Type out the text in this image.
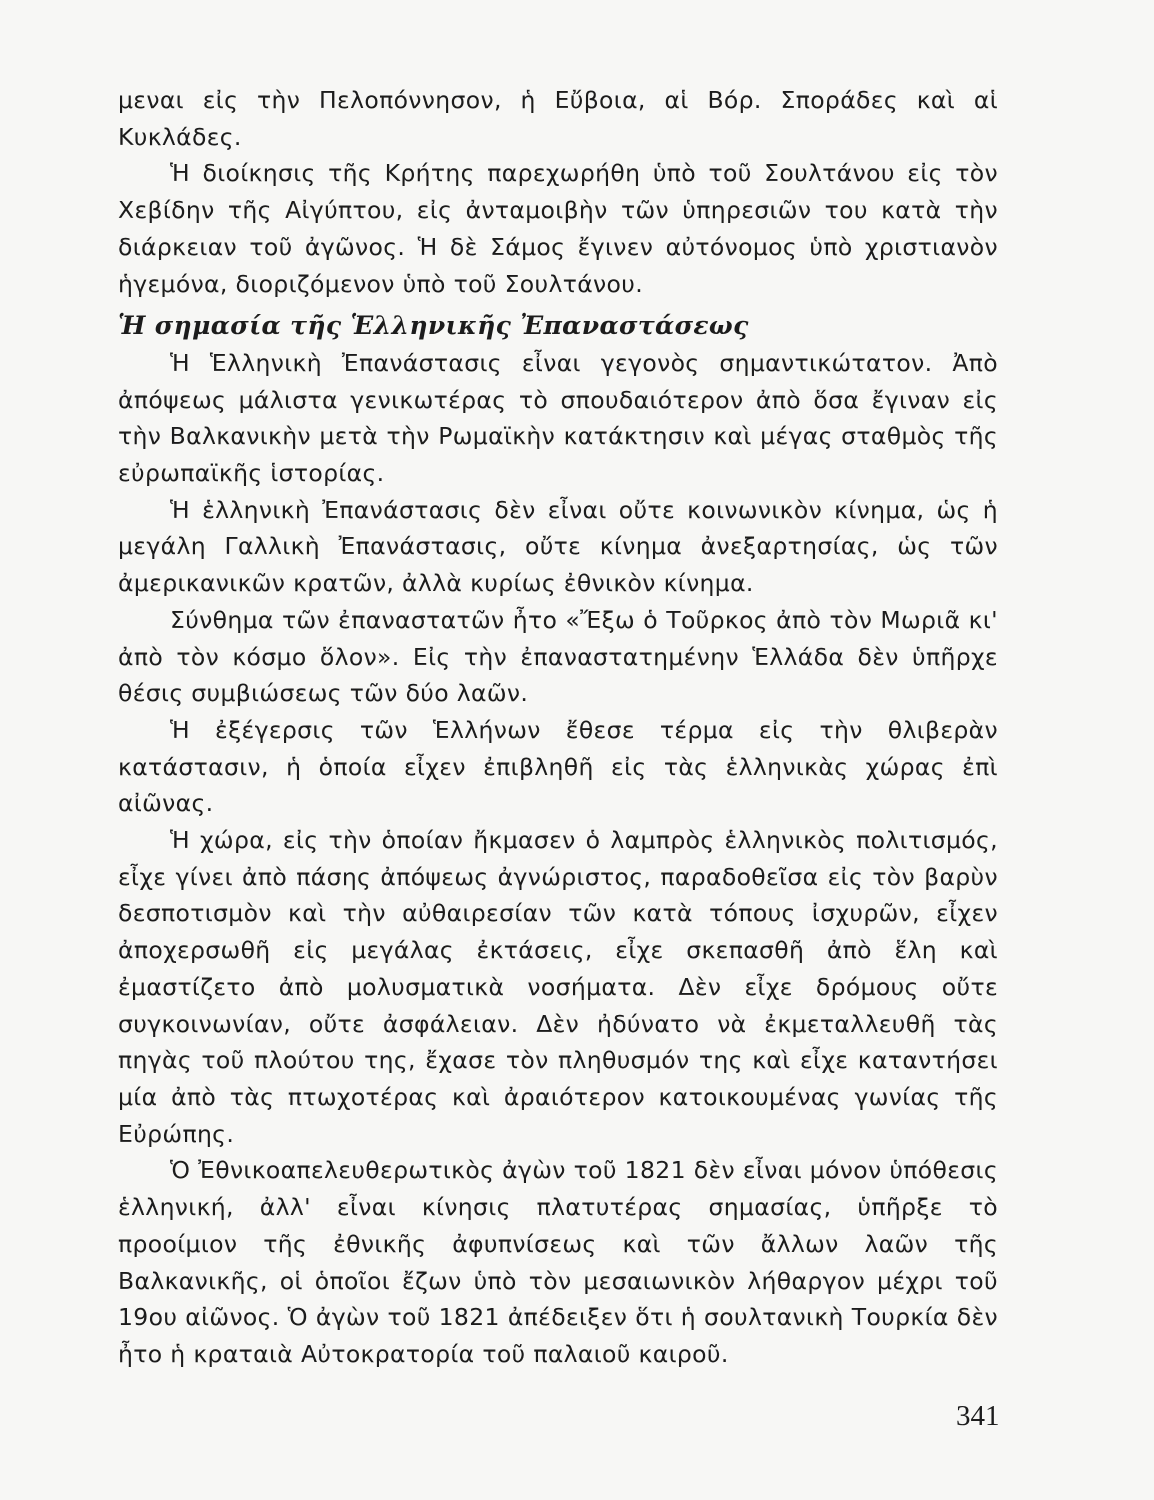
μεναι εἰς τὴν Πελοπόννησον, ἡ Εὔβοια, αἱ Βόρ. Σποράδες καὶ αἱ Κυκλάδες.

Ἡ διοίκησις τῆς Κρήτης παρεχωρήθη ὑπὸ τοῦ Σουλτάνου εἰς τὸν Χεβίδην τῆς Αἰγύπτου, εἰς ἀνταμοιβὴν τῶν ὑπηρεσιῶν του κατὰ τὴν διάρκειαν τοῦ ἀγῶνος. Ἡ δὲ Σάμος ἔγινεν αὐτόνομος ὑπὸ χριστιανὸν ἡγεμόνα, διοριζόμενον ὑπὸ τοῦ Σουλτάνου.

Ἡ σημασία τῆς Ἑλληνικῆς Ἐπαναστάσεως

Ἡ Ἑλληνικὴ Ἐπανάστασις εἶναι γεγονὸς σημαντικώτατον. Ἀπὸ ἀπόψεως μάλιστα γενικωτέρας τὸ σπουδαιότερον ἀπὸ ὅσα ἔγιναν εἰς τὴν Βαλκανικὴν μετὰ τὴν Ρωμαϊκὴν κατάκτησιν καὶ μέγας σταθμὸς τῆς εὐρωπαϊκῆς ἱστορίας.

Ἡ ἑλληνικὴ Ἐπανάστασις δὲν εἶναι οὔτε κοινωνικὸν κίνημα, ὡς ἡ μεγάλη Γαλλικὴ Ἐπανάστασις, οὔτε κίνημα ἀνεξαρτησίας, ὡς τῶν ἀμερικανικῶν κρατῶν, ἀλλὰ κυρίως ἐθνικὸν κίνημα.

Σύνθημα τῶν ἐπαναστατῶν ἦτο «Ἔξω ὁ Τοῦρκος ἀπὸ τὸν Μωριᾶ κι' ἀπὸ τὸν κόσμο ὅλον». Εἰς τὴν ἐπαναστατημένην Ἑλλάδα δὲν ὑπῆρχε θέσις συμβιώσεως τῶν δύο λαῶν.

Ἡ ἐξέγερσις τῶν Ἑλλήνων ἔθεσε τέρμα εἰς τὴν θλιβερὰν κατάστασιν, ἡ ὁποία εἶχεν ἐπιβληθῆ εἰς τὰς ἑλληνικὰς χώρας ἐπὶ αἰῶνας.

Ἡ χώρα, εἰς τὴν ὁποίαν ἤκμασεν ὁ λαμπρὸς ἑλληνικὸς πολιτισμός, εἶχε γίνει ἀπὸ πάσης ἀπόψεως ἀγνώριστος, παραδοθεῖσα εἰς τὸν βαρὺν δεσποτισμὸν καὶ τὴν αὐθαιρεσίαν τῶν κατὰ τόπους ἰσχυρῶν, εἶχεν ἀποχερσωθῆ εἰς μεγάλας ἐκτάσεις, εἶχε σκεπασθῆ ἀπὸ ἕλη καὶ ἐμαστίζετο ἀπὸ μολυσματικὰ νοσήματα. Δὲν εἶχε δρόμους οὔτε συγκοινωνίαν, οὔτε ἀσφάλειαν. Δὲν ἠδύνατο νὰ ἐκμεταλλευθῆ τὰς πηγὰς τοῦ πλούτου της, ἔχασε τὸν πληθυσμόν της καὶ εἶχε καταντήσει μία ἀπὸ τὰς πτωχοτέρας καὶ ἀραιότερον κατοικουμένας γωνίας τῆς Εὐρώπης.

Ὁ Ἐθνικοαπελευθερωτικὸς ἀγὼν τοῦ 1821 δὲν εἶναι μόνον ὑπόθεσις ἑλληνική, ἀλλ' εἶναι κίνησις πλατυτέρας σημασίας, ὑπῆρξε τὸ προοίμιον τῆς ἐθνικῆς ἀφυπνίσεως καὶ τῶν ἄλλων λαῶν τῆς Βαλκανικῆς, οἱ ὁποῖοι ἔζων ὑπὸ τὸν μεσαιωνικὸν λήθαργον μέχρι τοῦ 19ου αἰῶνος. Ὁ ἀγὼν τοῦ 1821 ἀπέδειξεν ὅτι ἡ σουλτανικὴ Τουρκία δὲν ἦτο ἡ κραταιὰ Αὐτοκρατορία τοῦ παλαιοῦ καιροῦ.

341
